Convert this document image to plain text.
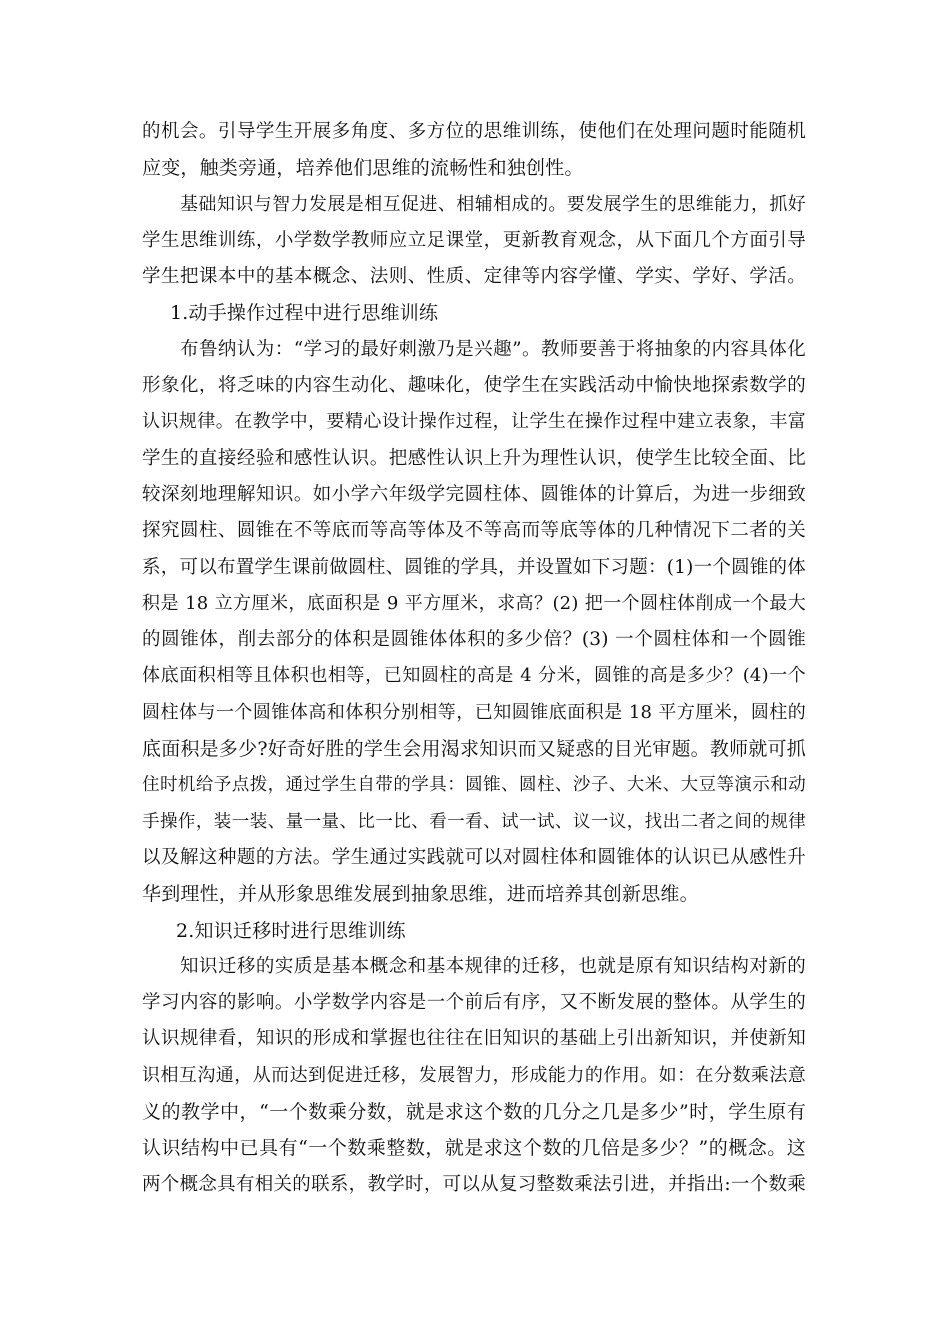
的机会。引导学生开展多角度、多方位的思维训练，使他们在处理问题时能随机
应变，触类旁通，培养他们思维的流畅性和独创性。
基础知识与智力发展是相互促进、相辅相成的。要发展学生的思维能力，抓好
学生思维训练，小学数学教师应立足课堂，更新教育观念，从下面几个方面引导
学生把课本中的基本概念、法则、性质、定律等内容学懂、学实、学好、学活。
1.动手操作过程中进行思维训练
布鲁纳认为：“学习的最好刺激乃是兴趣”。教师要善于将抽象的内容具体化
形象化，将乏味的内容生动化、趣味化，使学生在实践活动中愉快地探索数学的
认识规律。在教学中，要精心设计操作过程，让学生在操作过程中建立表象，丰富
学生的直接经验和感性认识。把感性认识上升为理性认识，使学生比较全面、比
较深刻地理解知识。如小学六年级学完圆柱体、圆锥体的计算后，为进一步细致
探究圆柱、圆锥在不等底而等高等体及不等高而等底等体的几种情况下二者的关
系，可以布置学生课前做圆柱、圆锥的学具，并设置如下习题：(1)一个圆锥的体
积是 18 立方厘米，底面积是 9 平方厘米，求高？(2) 把一个圆柱体削成一个最大
的圆锥体，削去部分的体积是圆锥体体积的多少倍？(3) 一个圆柱体和一个圆锥
体底面积相等且体积也相等，已知圆柱的高是 4 分米，圆锥的高是多少？(4)一个
圆柱体与一个圆锥体高和体积分别相等，已知圆锥底面积是 18 平方厘米，圆柱的
底面积是多少?好奇好胜的学生会用渴求知识而又疑惑的目光审题。教师就可抓
住时机给予点拨，通过学生自带的学具：圆锥、圆柱、沙子、大米、大豆等演示和动
手操作，装一装、量一量、比一比、看一看、试一试、议一议，找出二者之间的规律
以及解这种题的方法。学生通过实践就可以对圆柱体和圆锥体的认识已从感性升
华到理性，并从形象思维发展到抽象思维，进而培养其创新思维。
2.知识迁移时进行思维训练
知识迁移的实质是基本概念和基本规律的迁移，也就是原有知识结构对新的
学习内容的影响。小学数学内容是一个前后有序，又不断发展的整体。从学生的
认识规律看，知识的形成和掌握也往往在旧知识的基础上引出新知识，并使新知
识相互沟通，从而达到促进迁移，发展智力，形成能力的作用。如：在分数乘法意
义的教学中，“一个数乘分数，就是求这个数的几分之几是多少”时，学生原有
认识结构中已具有“一个数乘整数，就是求这个数的几倍是多少？”的概念。这
两个概念具有相关的联系，教学时，可以从复习整数乘法引进，并指出:一个数乘
